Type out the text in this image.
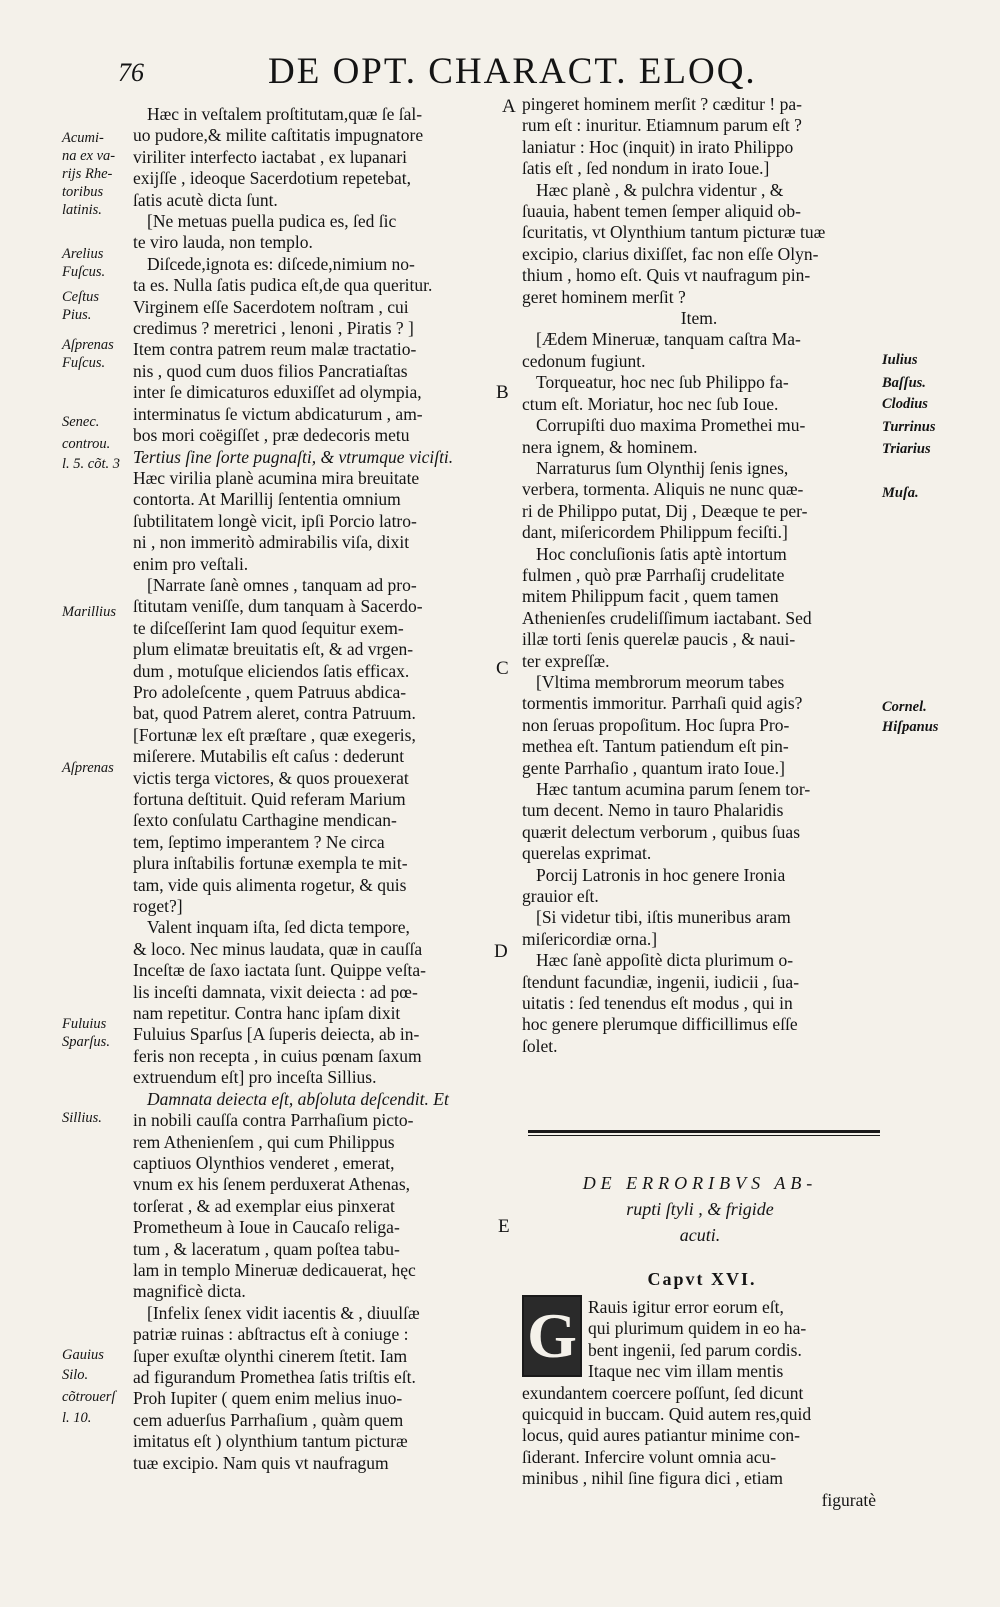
76	DE OPT. CHARACT. ELOQ.
Hæc in veſtalem proſtitutam,quæ ſe ſal-
uo pudore,& milite caſtitatis impugnatore
viriliter interfecto iactabat , ex lupanari
exijſſe , ideoque Sacerdotium repetebat,
ſatis acutè dicta ſunt.
[Ne metuas puella pudica es, ſed ſic
te viro lauda, non templo.
Diſcede,ignota es: diſcede,nimium no-
ta es. Nulla ſatis pudica eſt,de qua queritur.
Virginem eſſe Sacerdotem noſtram , cui
credimus ? meretrici , lenoni , Piratis ? ]
Item contra patrem reum malæ tractatio-
nis , quod cum duos filios Pancratiaſtas
inter ſe dimicaturos eduxiſſet ad olympia,
interminatus ſe victum abdicaturum , am-
bos mori coëgiſſet , præ dedecoris metu
Tertius ſine ſorte pugnaſti, & vtrumque viciſti.
Hæc virilia planè acumina mira breuitate
contorta. At Marillij ſententia omnium
ſubtilitatem longè vicit, ipſi Porcio latro-
ni , non immeritò admirabilis viſa, dixit
enim pro veſtali.
[Narrate ſanè omnes , tanquam ad pro-
ſtitutam veniſſe, dum tanquam à Sacerdo-
te diſceſſerint Iam quod ſequitur exem-
plum elimatæ breuitatis eſt, & ad vrgen-
dum , motuſque eliciendos ſatis efficax.
Pro adoleſcente , quem Patruus abdica-
bat, quod Patrem aleret, contra Patruum.
[Fortunæ lex eſt præſtare , quæ exegeris,
miſerere. Mutabilis eſt caſus : dederunt
victis terga victores, & quos prouexerat
fortuna deſtituit. Quid referam Marium
ſexto conſulatu Carthagine mendican-
tem, ſeptimo imperantem ? Ne circa
plura inſtabilis fortunæ exempla te mit-
tam, vide quis alimenta rogetur, & quis
roget?]
Valent inquam iſta, ſed dicta tempore,
& loco. Nec minus laudata, quæ in cauſſa
Inceſtæ de ſaxo iactata ſunt. Quippe veſta-
lis inceſti damnata, vixit deiecta : ad pœ-
nam repetitur. Contra hanc ipſam dixit
Fuluius Sparſus [A ſuperis deiecta, ab in-
feris non recepta , in cuius pœnam ſaxum
extruendum eſt] pro inceſta Sillius.
Damnata deiecta eſt, abſoluta deſcendit. Et
in nobili cauſſa contra Parrhaſium picto-
rem Athenienſem , qui cum Philippus
captiuos Olynthios venderet , emerat,
vnum ex his ſenem perduxerat Athenas,
torſerat , & ad exemplar eius pinxerat
Prometheum à Ioue in Caucaſo religa-
tum , & laceratum , quam poſtea tabu-
lam in templo Mineruæ dedicauerat, hęc
magnificè dicta.
[Infelix ſenex vidit iacentis & , diuulſæ
patriæ ruinas : abſtractus eſt à coniuge :
ſuper exuſtæ olynthi cinerem ſtetit. Iam
ad figurandum Promethea ſatis triſtis eſt.
Proh Iupiter ( quem enim melius inuo-
cem aduerſus Parrhaſium , quàm quem
imitatus eſt ) olynthium tantum picturæ
tuæ excipio. Nam quis vt naufragum
pingeret hominem merſit ? cæditur ! pa-
rum eſt : inuritur. Etiamnum parum eſt ?
laniatur : Hoc (inquit) in irato Philippo
ſatis eſt , ſed nondum in irato Ioue.]
Hæc planè , & pulchra videntur , &
ſuauia, habent temen ſemper aliquid ob-
ſcuritatis, vt Olynthium tantum picturæ tuæ
excipio, clarius dixiſſet, fac non eſſe Olyn-
thium , homo eſt. Quis vt naufragum pin-
geret hominem merſit ?
Item.
[Ædem Mineruæ, tanquam caſtra Ma-
cedonum fugiunt.
Torqueatur, hoc nec ſub Philippo fa-
ctum eſt. Moriatur, hoc nec ſub Ioue.
Corrupiſti duo maxima Promethei mu-
nera ignem, & hominem.
Narraturus ſum Olynthij ſenis ignes,
verbera, tormenta. Aliquis ne nunc quæ-
ri de Philippo putat, Dij , Deæque te per-
dant, miſericordem Philippum feciſti.]
Hoc concluſionis ſatis aptè intortum
fulmen , quò præ Parrhaſij crudelitate
mitem Philippum facit , quem tamen
Athenienſes crudeliſſimum iactabant. Sed
illæ torti ſenis querelæ paucis , & naui-
ter expreſſæ.
[Vltima membrorum meorum tabes
tormentis immoritur. Parrhaſi quid agis?
non ſeruas propoſitum. Hoc ſupra Pro-
methea eſt. Tantum patiendum eſt pin-
gente Parrhaſio , quantum irato Ioue.]
Hæc tantum acumina parum ſenem tor-
tum decent. Nemo in tauro Phalaridis
quærit delectum verborum , quibus ſuas
querelas exprimat.
Porcij Latronis in hoc genere Ironia
grauior eſt.
[Si videtur tibi, iſtis muneribus aram
miſericordiæ orna.]
Hæc ſanè appoſitè dicta plurimum o-
ſtendunt facundiæ, ingenii, iudicii , ſua-
uitatis : ſed tenendus eſt modus , qui in
hoc genere plerumque difficillimus eſſe
ſolet.
Acumi-
na ex va-
rijs Rhe-
toribus
latinis.
Arelius
Fuſcus.
Ceſtus
Pius.
Aſprenas
Fuſcus.
Senec.
controu.
l. 5. cõt. 3
Marillius
Aſprenas
Fuluius
Sparſus.
Sillius.
Gauius
Silo.
cõtrouerſ
l. 10.
Iulius
Baſſus.
Clodius
Turrinus
Triarius
Muſa.
Cornel.
Hiſpanus
A
B
C
D
E
DE ERRORIBVS AB-
rupti ſtyli , & frigide
acuti.
Capvt XVI.
G Rauis igitur error eorum eſt,
qui plurimum quidem in eo ha-
bent ingenii, ſed parum cordis.
Itaque nec vim illam mentis
exundantem coercere poſſunt, ſed dicunt
quicquid in buccam. Quid autem res,quid
locus, quid aures patiantur minime con-
ſiderant. Infercire volunt omnia acu-
minibus , nihil ſine figura dici , etiam
figuratè
